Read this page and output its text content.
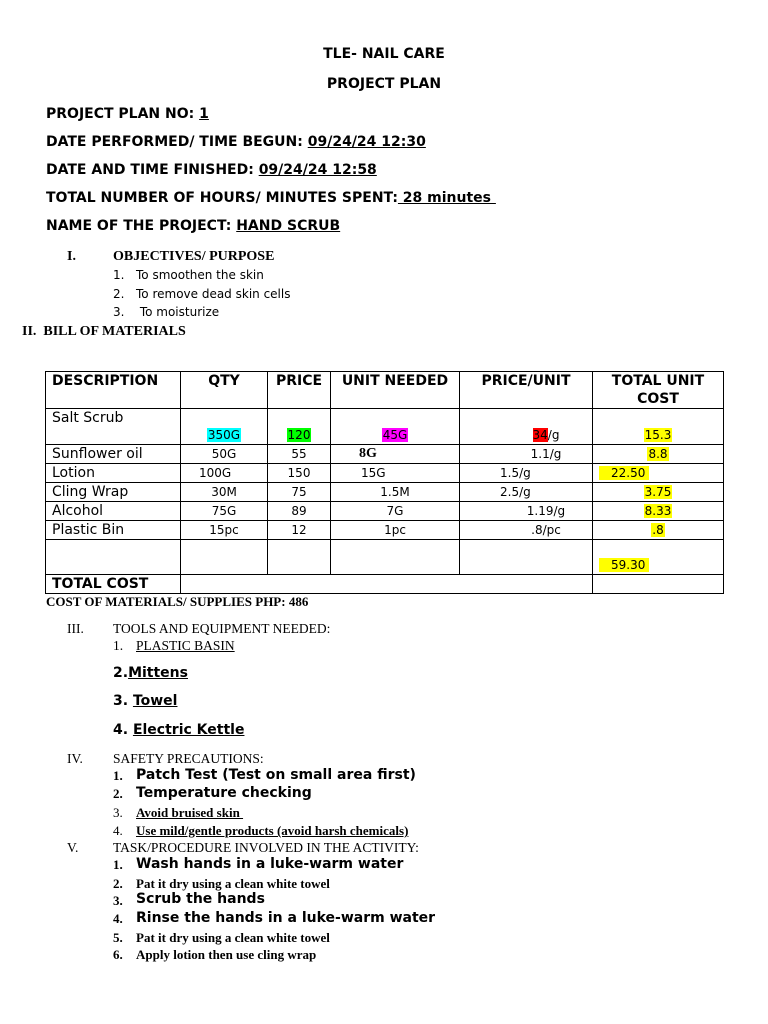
TLE- NAIL CARE
PROJECT PLAN
PROJECT PLAN NO: 1
DATE PERFORMED/ TIME BEGUN: 09/24/24 12:30
DATE AND TIME FINISHED: 09/24/24 12:58
TOTAL NUMBER OF HOURS/ MINUTES SPENT: 28 minutes
NAME OF THE PROJECT: HAND SCRUB
I.	OBJECTIVES/ PURPOSE
1. To smoothen the skin
2. To remove dead skin cells
3. To moisturize
II.  BILL OF MATERIALS
DESCRIPTION	QTY	PRICE	UNIT NEEDED	PRICE/UNIT	TOTAL UNIT COST
Salt Scrub	350G	120	45G	34/g	15.3
Sunflower oil	50G	55	8G	1.1/g	8.8
Lotion	100G	150	15G	1.5/g	22.50
Cling Wrap	30M	75	1.5M	2.5/g	3.75
Alcohol	75G	89	7G	1.19/g	8.33
Plastic Bin	15pc	12	1pc	.8/pc	.8
					59.30
TOTAL COST					
COST OF MATERIALS/ SUPPLIES PHP: 486
III. TOOLS AND EQUIPMENT NEEDED:
1. PLASTIC BASIN
2.Mittens
3. Towel
4. Electric Kettle
IV. SAFETY PRECAUTIONS:
1. Patch Test (Test on small area first)
2. Temperature checking
3. Avoid bruised skin
4. Use mild/gentle products (avoid harsh chemicals)
V.	TASK/PROCEDURE INVOLVED IN THE ACTIVITY:
1. Wash hands in a luke-warm water
2. Pat it dry using a clean white towel
3. Scrub the hands
4. Rinse the hands in a luke-warm water
5. Pat it dry using a clean white towel
6. Apply lotion then use cling wrap
